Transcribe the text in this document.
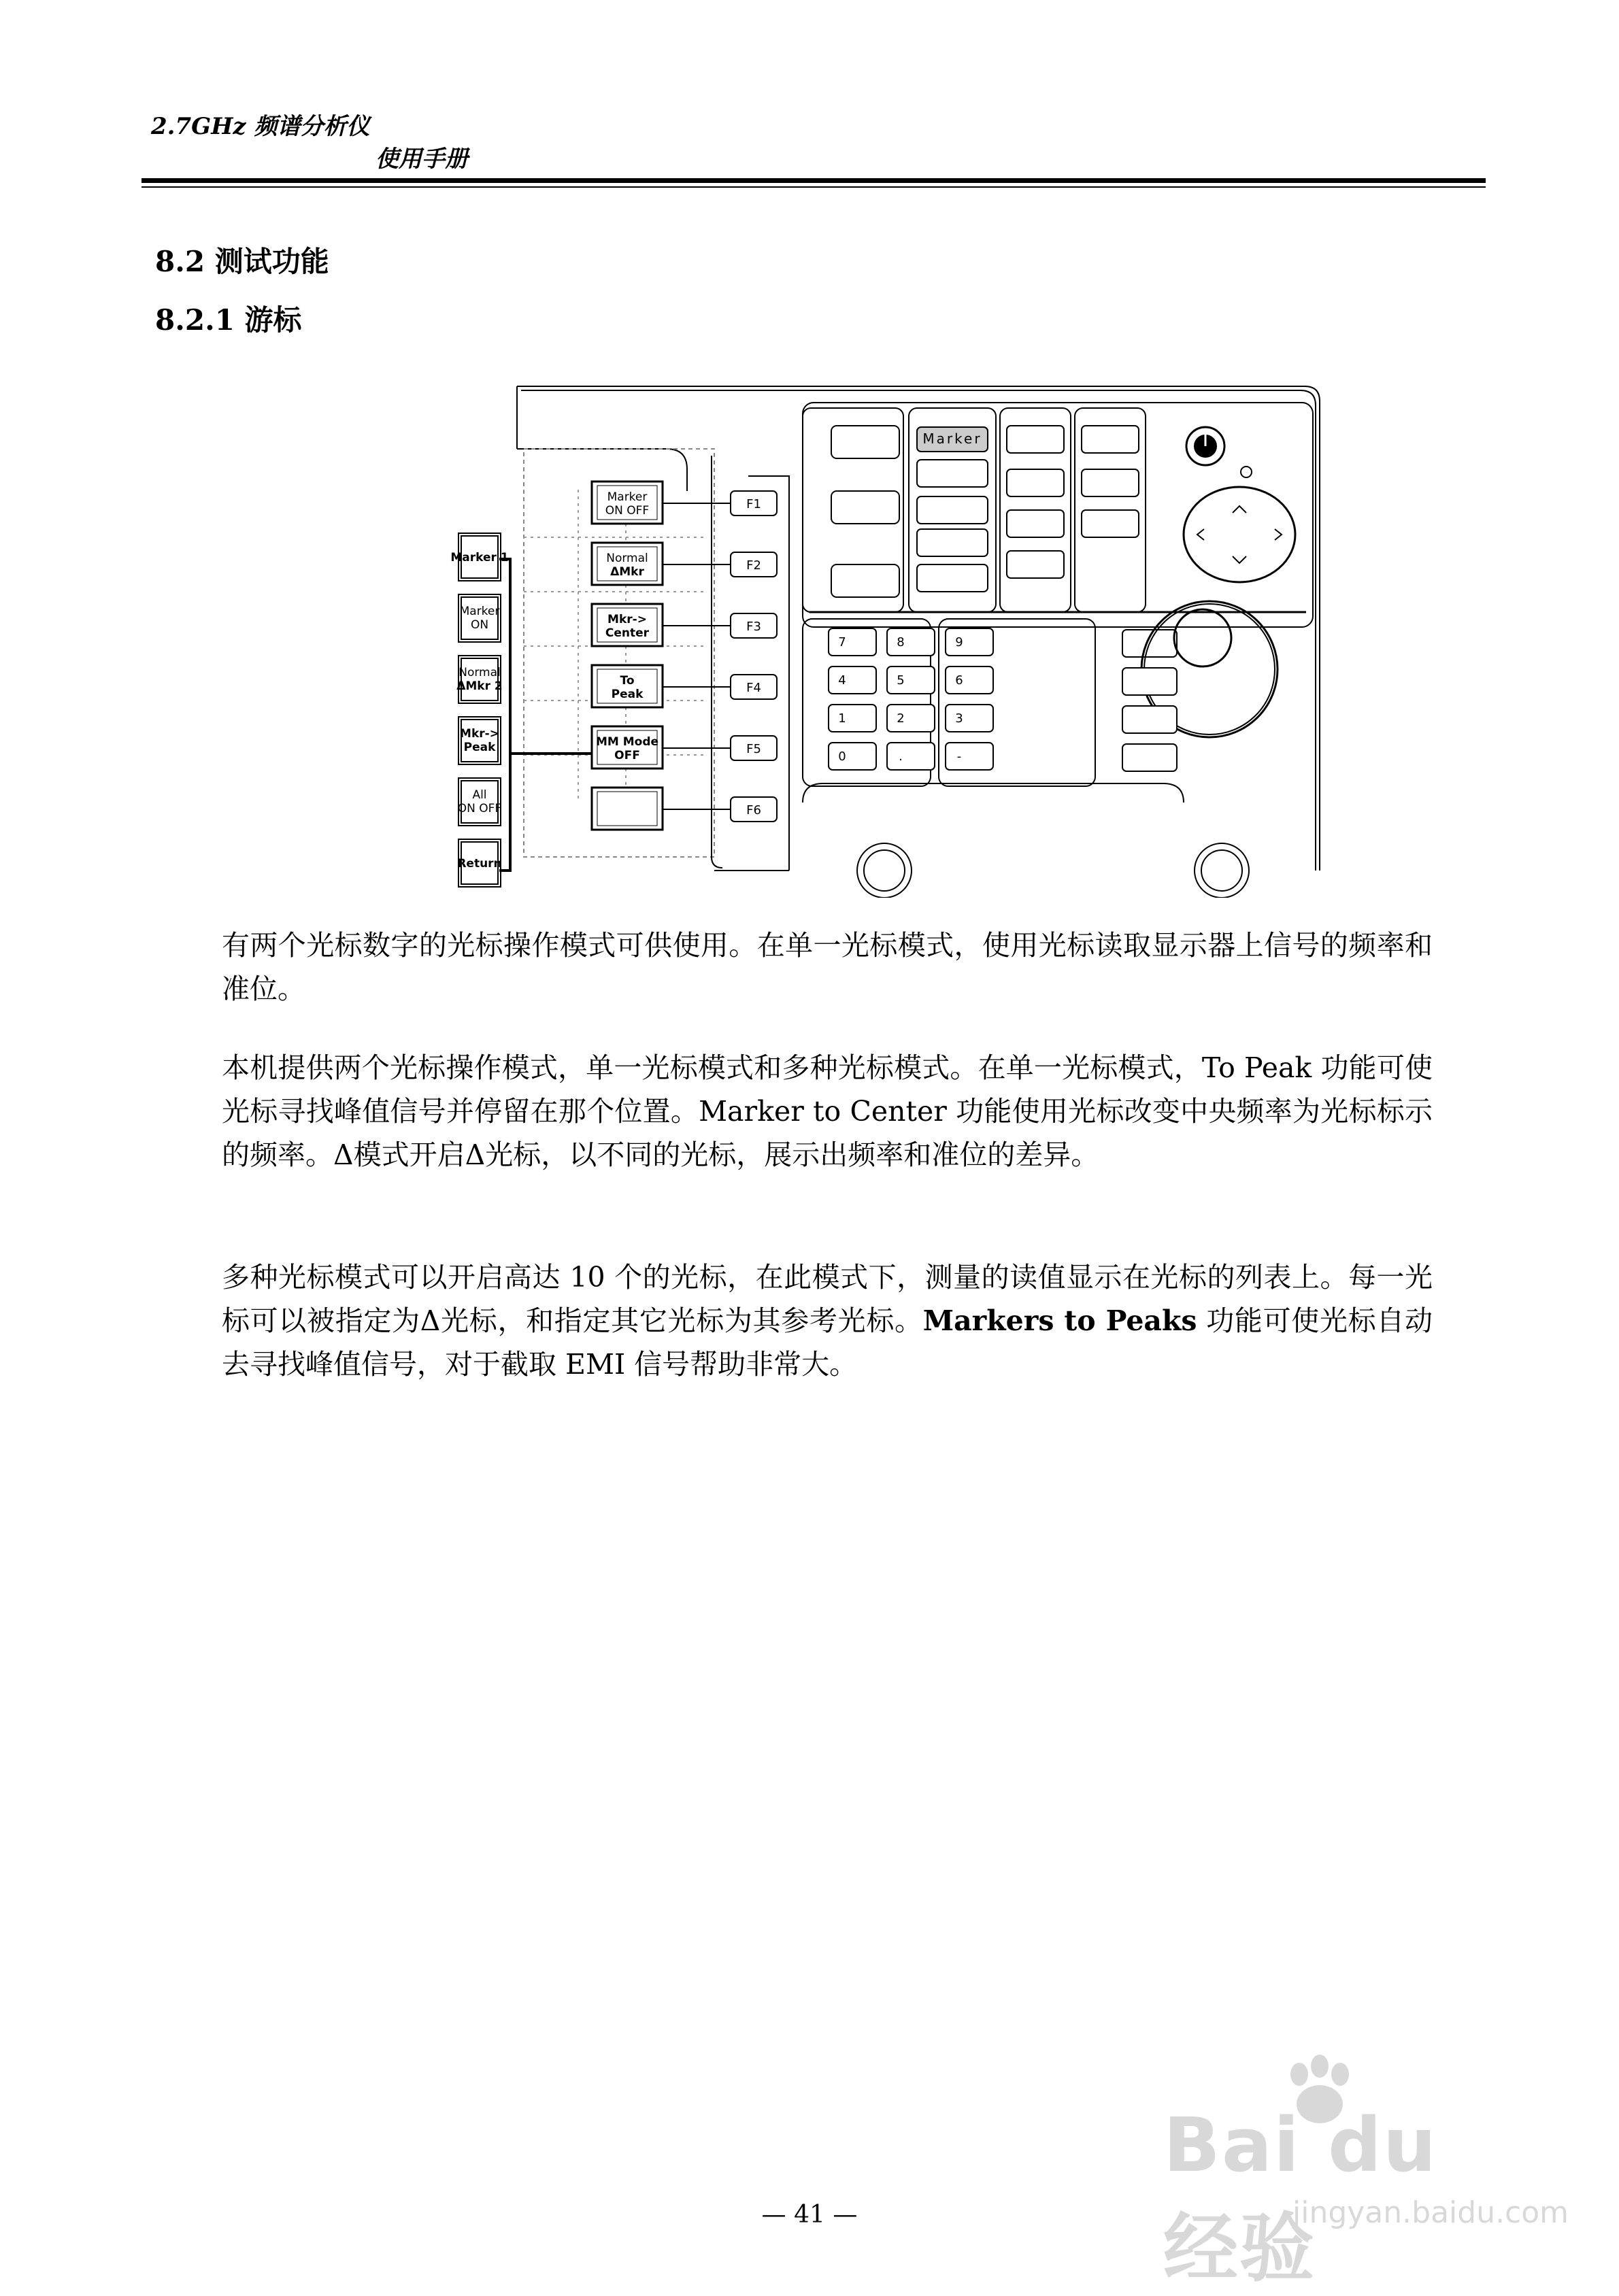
2.7GHz 频谱分析仪
使用手册
8.2 测试功能
8.2.1 游标
Marker 1
Marker
ON
Normal
ΔMkr 2
Mkr->
Peak
All
ON OFF
Return
Marker
ON OFF
Normal
ΔMkr
Mkr->
Center
To
Peak
MM Mode
OFF
F1
F2
F3
F4
F5
F6
7	8	9
4	5	6
1	2	3
0	.	-
Marker
有两个光标数字的光标操作模式可供使用。在单一光标模式，使用光标读取显示器上信号的频率和准位。
本机提供两个光标操作模式，单一光标模式和多种光标模式。在单一光标模式，To Peak 功能可使光标寻找峰值信号并停留在那个位置。Marker to Center 功能使用光标改变中央频率为光标标示的频率。Δ模式开启Δ光标，以不同的光标，展示出频率和准位的差异。
多种光标模式可以开启高达 10 个的光标，在此模式下，测量的读值显示在光标的列表上。每一光标可以被指定为Δ光标，和指定其它光标为其参考光标。Markers to Peaks 功能可使光标自动去寻找峰值信号，对于截取 EMI 信号帮助非常大。
— 41 —
Bai du 经验
jingyan.baidu.com
